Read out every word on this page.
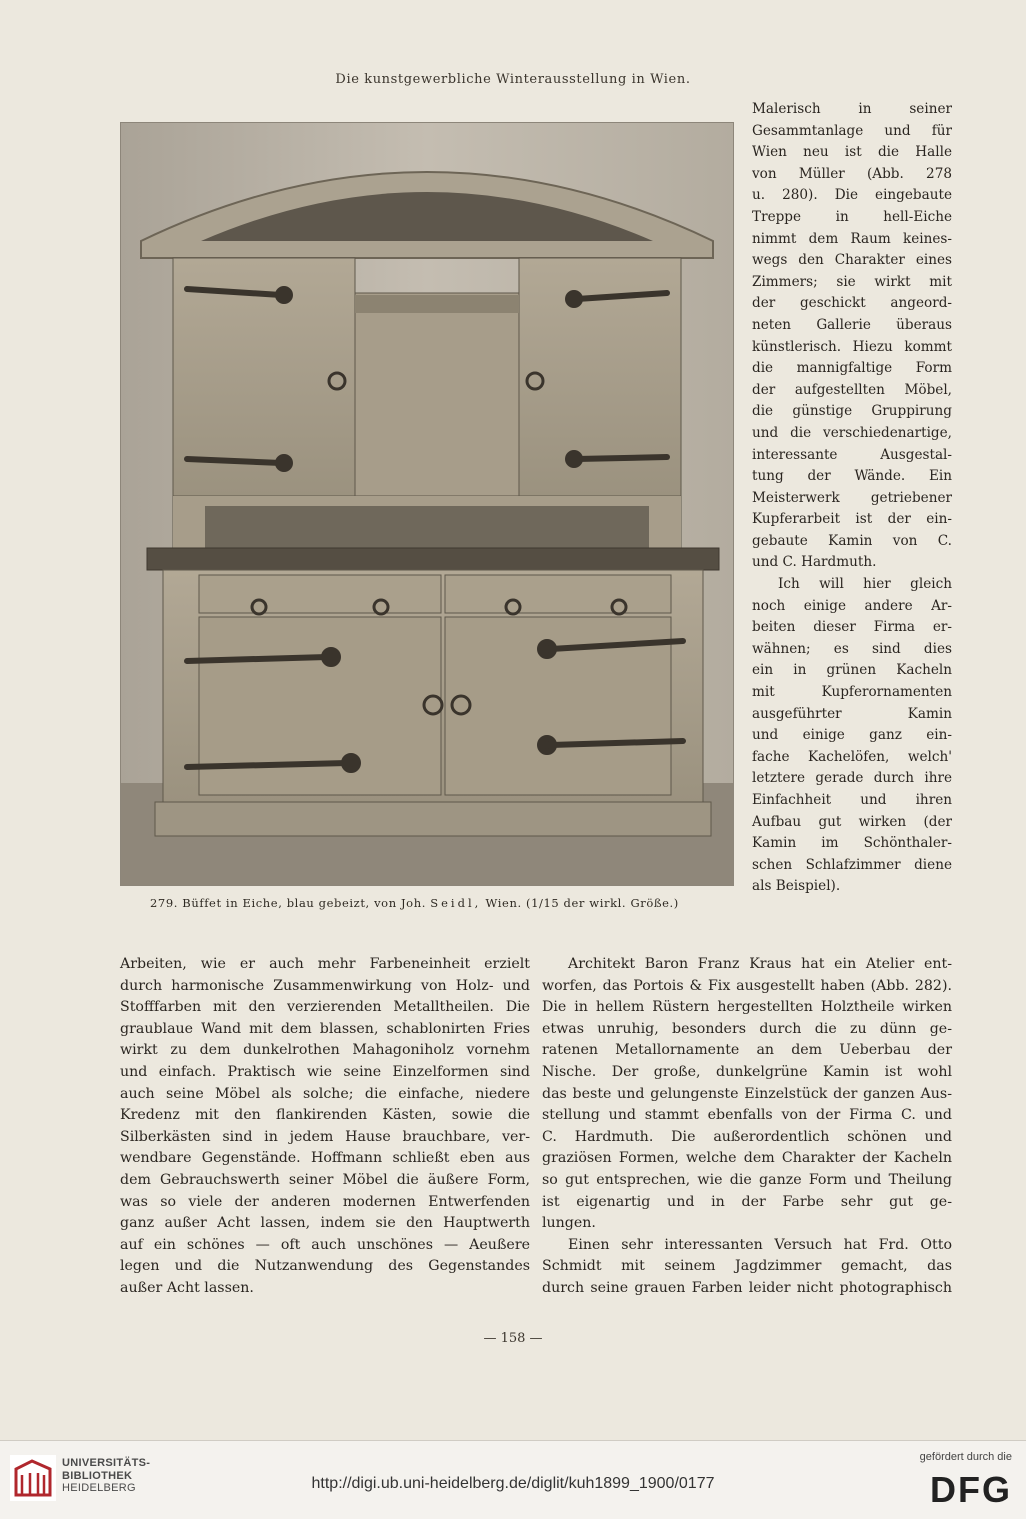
Die kunstgewerbliche Winterausstellung in Wien.
279. Büffet in Eiche, blau gebeizt, von Joh. Seidl, Wien. (1/15 der wirkl. Größe.)
Malerisch in seiner
Gesammtanlage und für
Wien neu ist die Halle
von Müller (Abb. 278
u. 280). Die eingebaute
Treppe in hell-Eiche
nimmt dem Raum keines-
wegs den Charakter eines
Zimmers; sie wirkt mit
der geschickt angeord-
neten Gallerie überaus
künstlerisch. Hiezu kommt
die mannigfaltige Form
der aufgestellten Möbel,
die günstige Gruppirung
und die verschiedenartige,
interessante Ausgestal-
tung der Wände. Ein
Meisterwerk getriebener
Kupferarbeit ist der ein-
gebaute Kamin von C.
und C. Hardmuth.
Ich will hier gleich
noch einige andere Ar-
beiten dieser Firma er-
wähnen; es sind dies
ein in grünen Kacheln
mit Kupferornamenten
ausgeführter Kamin
und einige ganz ein-
fache Kachelöfen, welch'
letztere gerade durch ihre
Einfachheit und ihren
Aufbau gut wirken (der
Kamin im Schönthaler-
schen Schlafzimmer diene
als Beispiel).
Arbeiten, wie er auch mehr Farbeneinheit erzielt
durch harmonische Zusammenwirkung von Holz- und
Stofffarben mit den verzierenden Metalltheilen. Die
graublaue Wand mit dem blassen, schablonirten Fries
wirkt zu dem dunkelrothen Mahagoniholz vornehm
und einfach. Praktisch wie seine Einzelformen sind
auch seine Möbel als solche; die einfache, niedere
Kredenz mit den flankirenden Kästen, sowie die
Silberkästen sind in jedem Hause brauchbare, ver-
wendbare Gegenstände. Hoffmann schließt eben aus
dem Gebrauchswerth seiner Möbel die äußere Form,
was so viele der anderen modernen Entwerfenden
ganz außer Acht lassen, indem sie den Hauptwerth
auf ein schönes — oft auch unschönes — Aeußere
legen und die Nutzanwendung des Gegenstandes
außer Acht lassen.
Architekt Baron Franz Kraus hat ein Atelier ent-
worfen, das Portois & Fix ausgestellt haben (Abb. 282).
Die in hellem Rüstern hergestellten Holztheile wirken
etwas unruhig, besonders durch die zu dünn ge-
ratenen Metallornamente an dem Ueberbau der
Nische. Der große, dunkelgrüne Kamin ist wohl
das beste und gelungenste Einzelstück der ganzen Aus-
stellung und stammt ebenfalls von der Firma C. und
C. Hardmuth. Die außerordentlich schönen und
graziösen Formen, welche dem Charakter der Kacheln
so gut entsprechen, wie die ganze Form und Theilung
ist eigenartig und in der Farbe sehr gut ge-
lungen.
Einen sehr interessanten Versuch hat Frd. Otto
Schmidt mit seinem Jagdzimmer gemacht, das
durch seine grauen Farben leider nicht photographisch
— 158 —
UNIVERSITÄTS-
BIBLIOTHEK
HEIDELBERG	http://digi.ub.uni-heidelberg.de/diglit/kuh1899_1900/0177
gefördert durch die
DFG
